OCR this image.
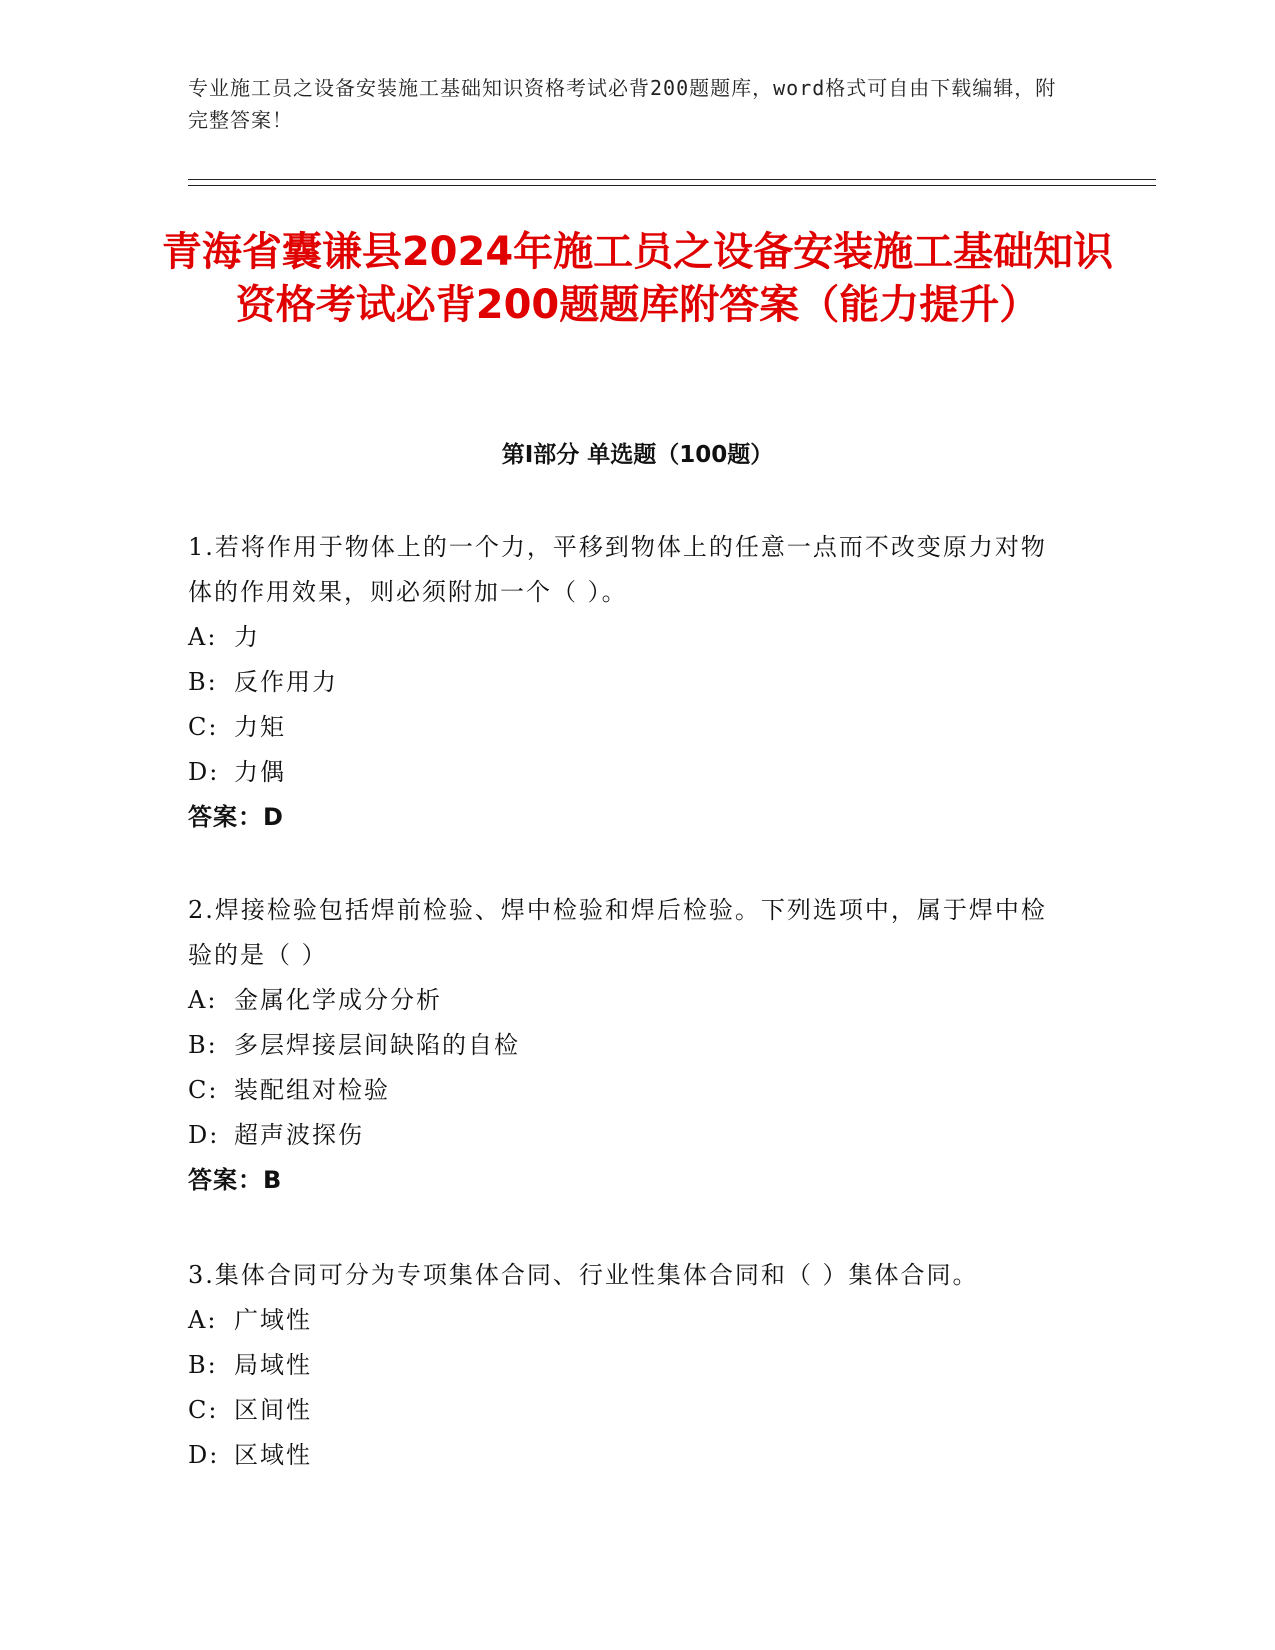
专业施工员之设备安装施工基础知识资格考试必背200题题库，word格式可自由下载编辑，附完整答案！
青海省囊谦县2024年施工员之设备安装施工基础知识资格考试必背200题题库附答案（能力提升）
第Ⅰ部分 单选题（100题）

1.若将作用于物体上的一个力，平移到物体上的任意一点而不改变原力对物体的作用效果，则必须附加一个（ ）。

A: 力

B: 反作用力

C: 力矩

D: 力偶

答案：D

2.焊接检验包括焊前检验、焊中检验和焊后检验。下列选项中，属于焊中检验的是（ ）

A: 金属化学成分分析

B: 多层焊接层间缺陷的自检

C: 装配组对检验

D: 超声波探伤

答案：B

3.集体合同可分为专项集体合同、行业性集体合同和（ ）集体合同。

A: 广域性

B: 局域性

C: 区间性

D: 区域性
